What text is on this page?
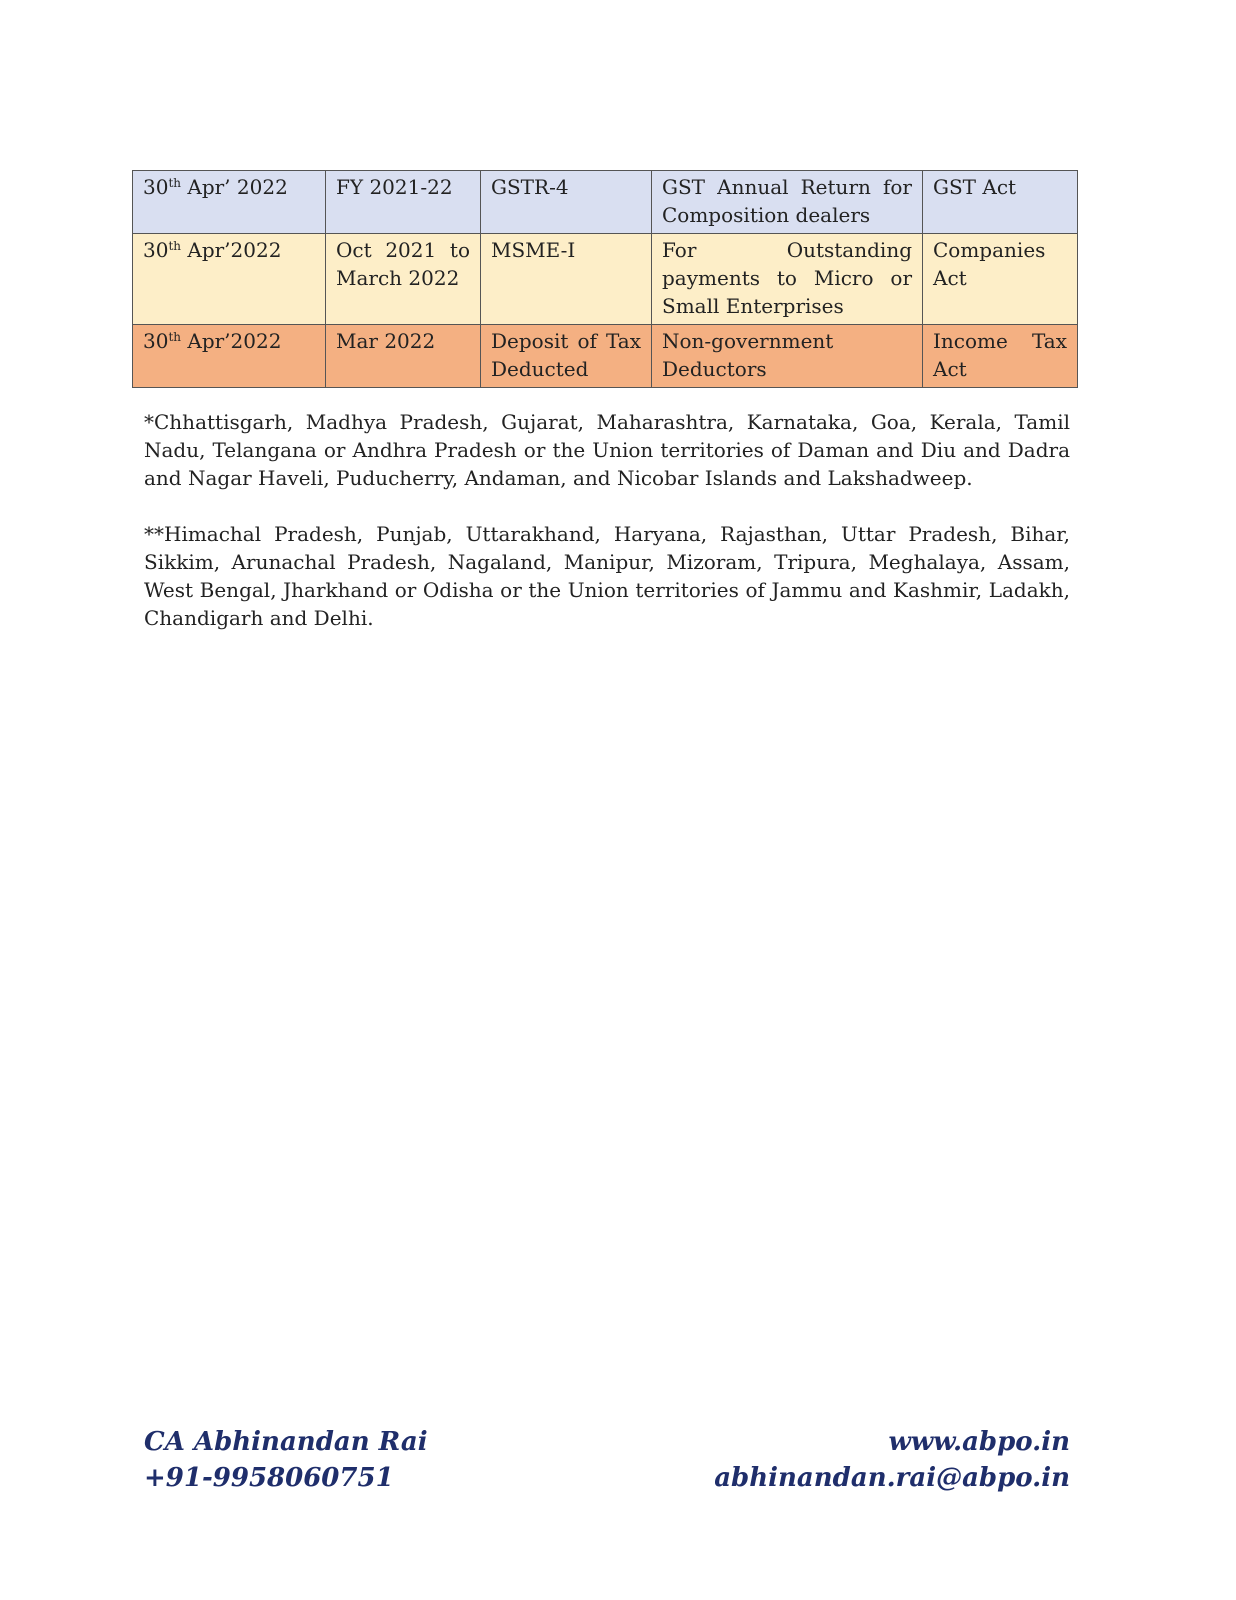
30th Apr’ 2022	FY 2021-22	GSTR-4	GST Annual Return for Composition dealers	GST Act
30th Apr’2022	Oct 2021 to March 2022	MSME-I	For Outstanding payments to Micro or Small Enterprises	Companies Act
30th Apr’2022	Mar 2022	Deposit of Tax Deducted	Non-government Deductors	Income Tax Act

*Chhattisgarh, Madhya Pradesh, Gujarat, Maharashtra, Karnataka, Goa, Kerala, Tamil Nadu, Telangana or Andhra Pradesh or the Union territories of Daman and Diu and Dadra and Nagar Haveli, Puducherry, Andaman, and Nicobar Islands and Lakshadweep.

**Himachal Pradesh, Punjab, Uttarakhand, Haryana, Rajasthan, Uttar Pradesh, Bihar, Sikkim, Arunachal Pradesh, Nagaland, Manipur, Mizoram, Tripura, Meghalaya, Assam, West Bengal, Jharkhand or Odisha or the Union territories of Jammu and Kashmir, Ladakh, Chandigarh and Delhi.

CA Abhinandan Rai
+91-9958060751
www.abpo.in
abhinandan.rai@abpo.in
